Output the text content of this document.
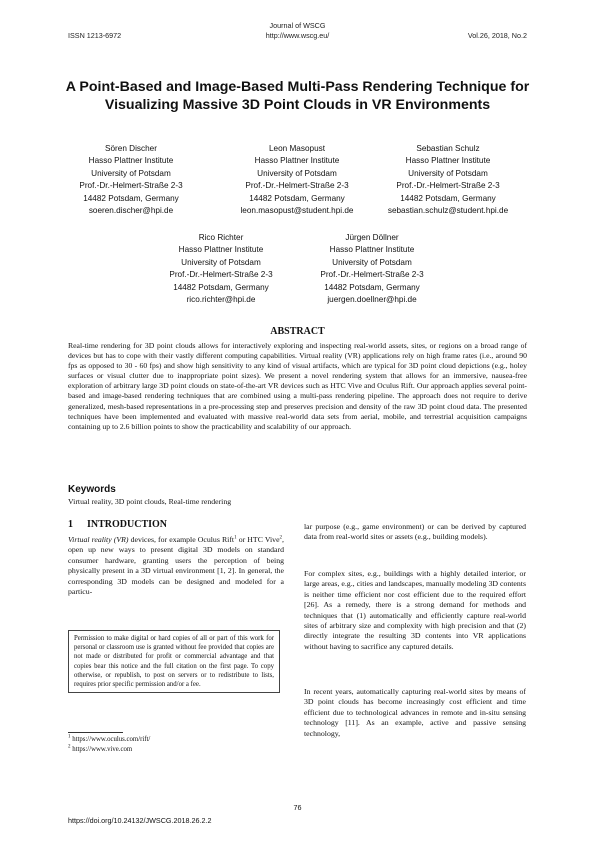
Journal of WSCG
ISSN 1213-6972	http://www.wscg.eu/	Vol.26, 2018, No.2
A Point-Based and Image-Based Multi-Pass Rendering Technique for Visualizing Massive 3D Point Clouds in VR Environments
Sören Discher
Hasso Plattner Institute
University of Potsdam
Prof.-Dr.-Helmert-Straße 2-3
14482 Potsdam, Germany
soeren.discher@hpi.de
Leon Masopust
Hasso Plattner Institute
University of Potsdam
Prof.-Dr.-Helmert-Straße 2-3
14482 Potsdam, Germany
leon.masopust@student.hpi.de
Sebastian Schulz
Hasso Plattner Institute
University of Potsdam
Prof.-Dr.-Helmert-Straße 2-3
14482 Potsdam, Germany
sebastian.schulz@student.hpi.de
Rico Richter
Hasso Plattner Institute
University of Potsdam
Prof.-Dr.-Helmert-Straße 2-3
14482 Potsdam, Germany
rico.richter@hpi.de
Jürgen Döllner
Hasso Plattner Institute
University of Potsdam
Prof.-Dr.-Helmert-Straße 2-3
14482 Potsdam, Germany
juergen.doellner@hpi.de
ABSTRACT

Real-time rendering for 3D point clouds allows for interactively exploring and inspecting real-world assets, sites, or regions on a broad range of devices but has to cope with their vastly different computing capabilities. Virtual reality (VR) applications rely on high frame rates (i.e., around 90 fps as opposed to 30 - 60 fps) and show high sensitivity to any kind of visual artifacts, which are typical for 3D point cloud depictions (e.g., holey surfaces or visual clutter due to inappropriate point sizes). We present a novel rendering system that allows for an immersive, nausea-free exploration of arbitrary large 3D point clouds on state-of-the-art VR devices such as HTC Vive and Oculus Rift. Our approach applies several point-based and image-based rendering techniques that are combined using a multi-pass rendering pipeline. The approach does not require to derive generalized, mesh-based representations in a pre-processing step and preserves precision and density of the raw 3D point cloud data. The presented techniques have been implemented and evaluated with massive real-world data sets from aerial, mobile, and terrestrial acquisition campaigns containing up to 2.6 billion points to show the practicability and scalability of our approach.

Keywords
Virtual reality, 3D point clouds, Real-time rendering
1 INTRODUCTION

Virtual reality (VR) devices, for example Oculus Rift$^1$ or HTC Vive$^2$, open up new ways to present digital 3D models on standard consumer hardware, granting users the perception of being physically present in a 3D virtual environment [1, 2]. In general, the corresponding 3D models can be designed and modeled for a particu-

lar purpose (e.g., game environment) or can be derived by captured data from real-world sites or assets (e.g., building models).

For complex sites, e.g., buildings with a highly detailed interior, or large areas, e.g., cities and landscapes, manually modeling 3D contents is neither time efficient nor cost efficient due to the required effort [26]. As a remedy, there is a strong demand for methods and techniques that (1) automatically and efficiently capture real-world sites of arbitrary size and complexity with high precision and that (2) directly integrate the resulting 3D contents into VR applications without having to sacrifice any captured details.

In recent years, automatically capturing real-world sites by means of 3D point clouds has become increasingly cost efficient and time efficient due to technological advances in remote and in-situ sensing technology [11]. As an example, active and passive sensing technology,

Permission to make digital or hard copies of all or part of this work for personal or classroom use is granted without fee provided that copies are not made or distributed for profit or commercial advantage and that copies bear this notice and the full citation on the first page. To copy otherwise, or republish, to post on servers or to redistribute to lists, requires prior specific permission and/or a fee.

$^1$ https://www.oculus.com/rift/
$^2$ https://www.vive.com
76
https://doi.org/10.24132/JWSCG.2018.26.2.2
